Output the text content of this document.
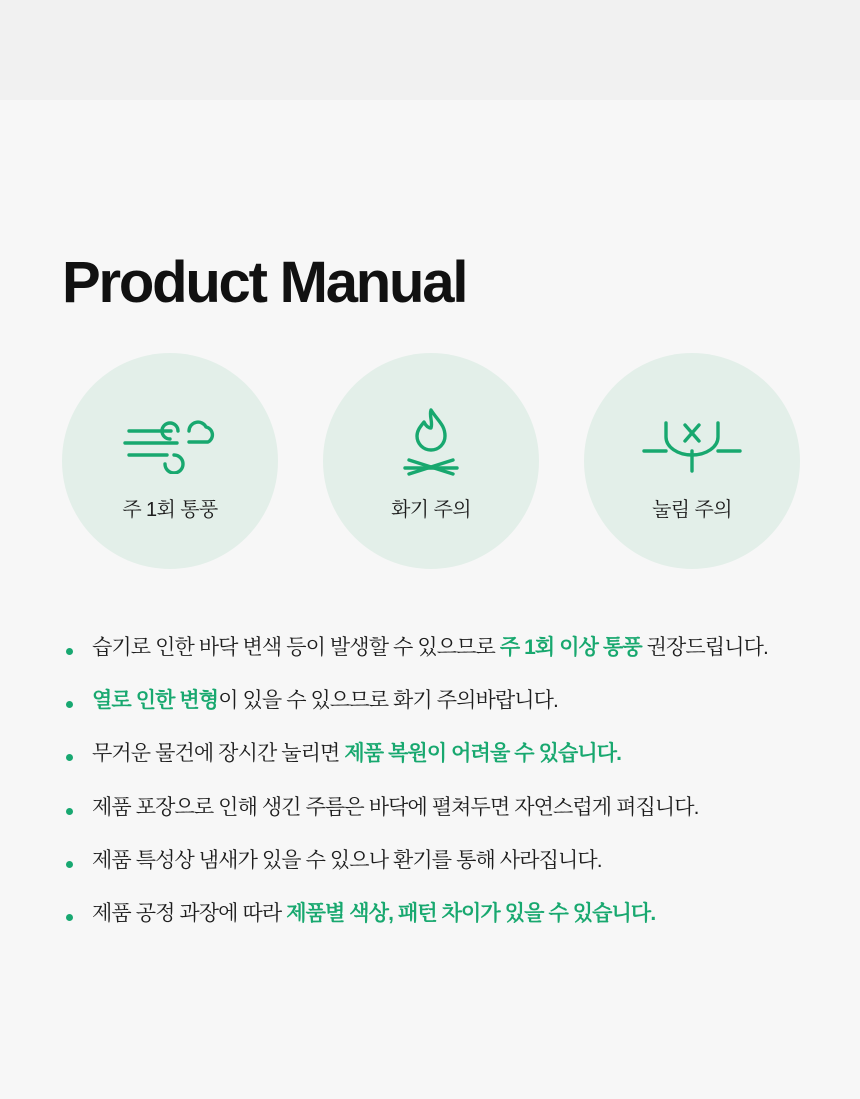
Product Manual
주 1회 통풍	화기 주의	눌림 주의
습기로 인한 바닥 변색 등이 발생할 수 있으므로 주 1회 이상 통풍 권장드립니다.
열로 인한 변형이 있을 수 있으므로 화기 주의바랍니다.
무거운 물건에 장시간 눌리면 제품 복원이 어려울 수 있습니다.
제품 포장으로 인해 생긴 주름은 바닥에 펼쳐두면 자연스럽게 펴집니다.
제품 특성상 냄새가 있을 수 있으나 환기를 통해 사라집니다.
제품 공정 과장에 따라 제품별 색상, 패턴 차이가 있을 수 있습니다.
